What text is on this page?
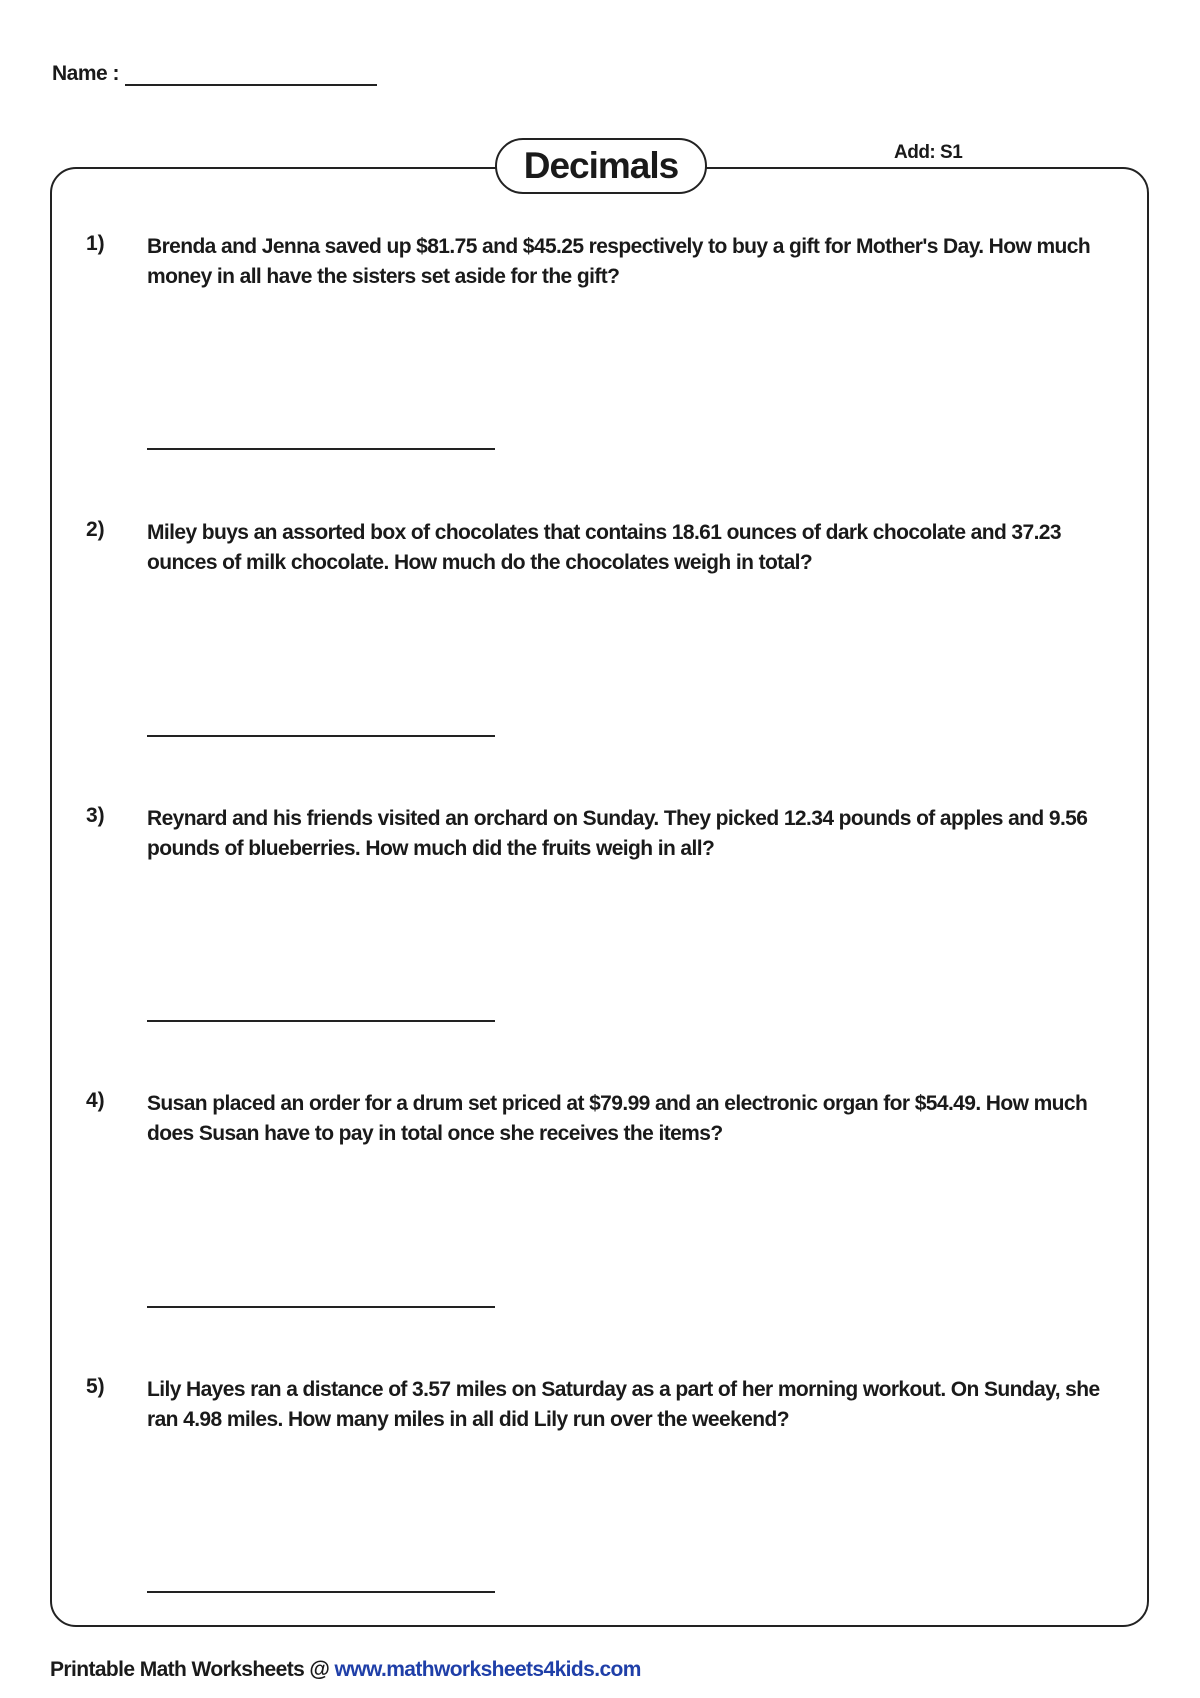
Name :
Decimals	Add: S1
1) Brenda and Jenna saved up $81.75 and $45.25 respectively to buy a gift for Mother's Day. How much money in all have the sisters set aside for the gift?
2) Miley buys an assorted box of chocolates that contains 18.61 ounces of dark chocolate and 37.23 ounces of milk chocolate. How much do the chocolates weigh in total?
3) Reynard and his friends visited an orchard on Sunday. They picked 12.34 pounds of apples and 9.56 pounds of blueberries. How much did the fruits weigh in all?
4) Susan placed an order for a drum set priced at $79.99 and an electronic organ for $54.49. How much does Susan have to pay in total once she receives the items?
5) Lily Hayes ran a distance of 3.57 miles on Saturday as a part of her morning workout. On Sunday, she ran 4.98 miles. How many miles in all did Lily run over the weekend?
Printable Math Worksheets @ www.mathworksheets4kids.com
